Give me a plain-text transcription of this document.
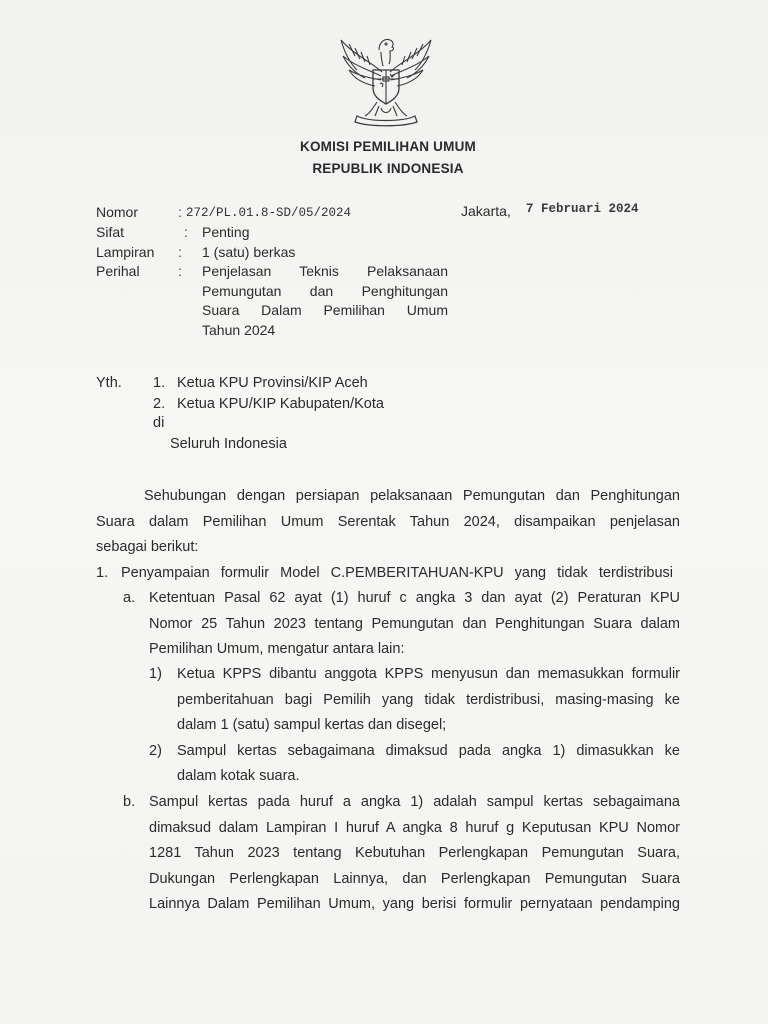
KOMISI PEMILIHAN UMUM
REPUBLIK INDONESIA
Nomor	: 272/PL.01.8-SD/05/2024
Sifat	: Penting
Lampiran : 1 (satu) berkas
Perihal	: Penjelasan Teknis Pelaksanaan
Pemungutan dan Penghitungan
Suara Dalam Pemilihan Umum
Tahun 2024
Jakarta, 7 Februari 2024
Yth. 1. Ketua KPU Provinsi/KIP Aceh
2. Ketua KPU/KIP Kabupaten/Kota
di
Seluruh Indonesia
Sehubungan dengan persiapan pelaksanaan Pemungutan dan Penghitungan
Suara dalam Pemilihan Umum Serentak Tahun 2024, disampaikan penjelasan
sebagai berikut:
1. Penyampaian formulir Model C.PEMBERITAHUAN-KPU yang tidak terdistribusi
a. Ketentuan Pasal 62 ayat (1) huruf c angka 3 dan ayat (2) Peraturan KPU
Nomor 25 Tahun 2023 tentang Pemungutan dan Penghitungan Suara dalam
Pemilihan Umum, mengatur antara lain:
1) Ketua KPPS dibantu anggota KPPS menyusun dan memasukkan formulir
pemberitahuan bagi Pemilih yang tidak terdistribusi, masing-masing ke
dalam 1 (satu) sampul kertas dan disegel;
2) Sampul kertas sebagaimana dimaksud pada angka 1) dimasukkan ke
dalam kotak suara.
b. Sampul kertas pada huruf a angka 1) adalah sampul kertas sebagaimana
dimaksud dalam Lampiran I huruf A angka 8 huruf g Keputusan KPU Nomor
1281 Tahun 2023 tentang Kebutuhan Perlengkapan Pemungutan Suara,
Dukungan Perlengkapan Lainnya, dan Perlengkapan Pemungutan Suara
Lainnya Dalam Pemilihan Umum, yang berisi formulir pernyataan pendamping
